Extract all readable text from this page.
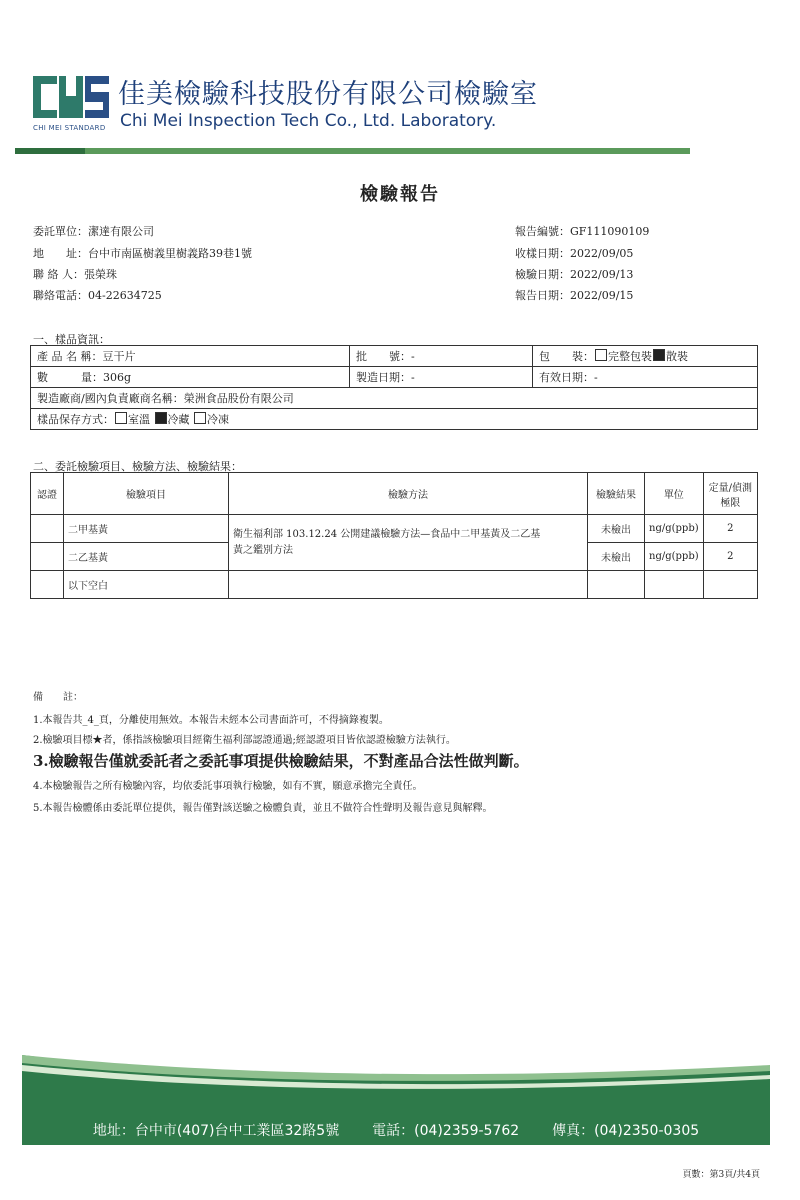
CHI MEI STANDARD
佳美檢驗科技股份有限公司檢驗室
Chi Mei Inspection Tech Co., Ltd. Laboratory.
檢驗報告
委託單位：潔達有限公司
地　　址：台中市南區樹義里樹義路39巷1號
聯 絡 人：張榮珠
聯絡電話：04-22634725
報告編號：GF111090109
收樣日期：2022/09/05
檢驗日期：2022/09/13
報告日期：2022/09/15
一、樣品資訊：
產 品 名 稱：豆干片	批　　號：-	包　　裝： 完整包裝 散裝
數　　　量：306g	製造日期：-	有效日期：-
製造廠商/國內負責廠商名稱：榮洲食品股份有限公司		
樣品保存方式： 室溫 冷藏 冷凍		
二、委託檢驗項目、檢驗方法、檢驗結果：
認證	檢驗項目	檢驗方法	檢驗結果	單位	定量/偵測極限
	二甲基黃	衛生福利部 103.12.24 公開建議檢驗方法—食品中二甲基黃及二乙基
黃之鑑別方法	未檢出	ng/g(ppb)	2
	二乙基黃		未檢出	ng/g(ppb)	2
	以下空白				
備　　註：
1.本報告共_4_頁，分離使用無效。本報告未經本公司書面許可，不得摘錄複製。
2.檢驗項目標★者，係指該檢驗項目經衛生福利部認證通過;經認證項目皆依認證檢驗方法執行。
3.檢驗報告僅就委託者之委託事項提供檢驗結果，不對產品合法性做判斷。
4.本檢驗報告之所有檢驗內容，均依委託事項執行檢驗，如有不實，願意承擔完全責任。
5.本報告檢體係由委託單位提供，報告僅對該送驗之檢體負責，並且不做符合性聲明及報告意見與解釋。
地址：台中市(407)台中工業區32路5號 電話：(04)2359-5762 傳真：(04)2350-0305
頁數：第3頁/共4頁
